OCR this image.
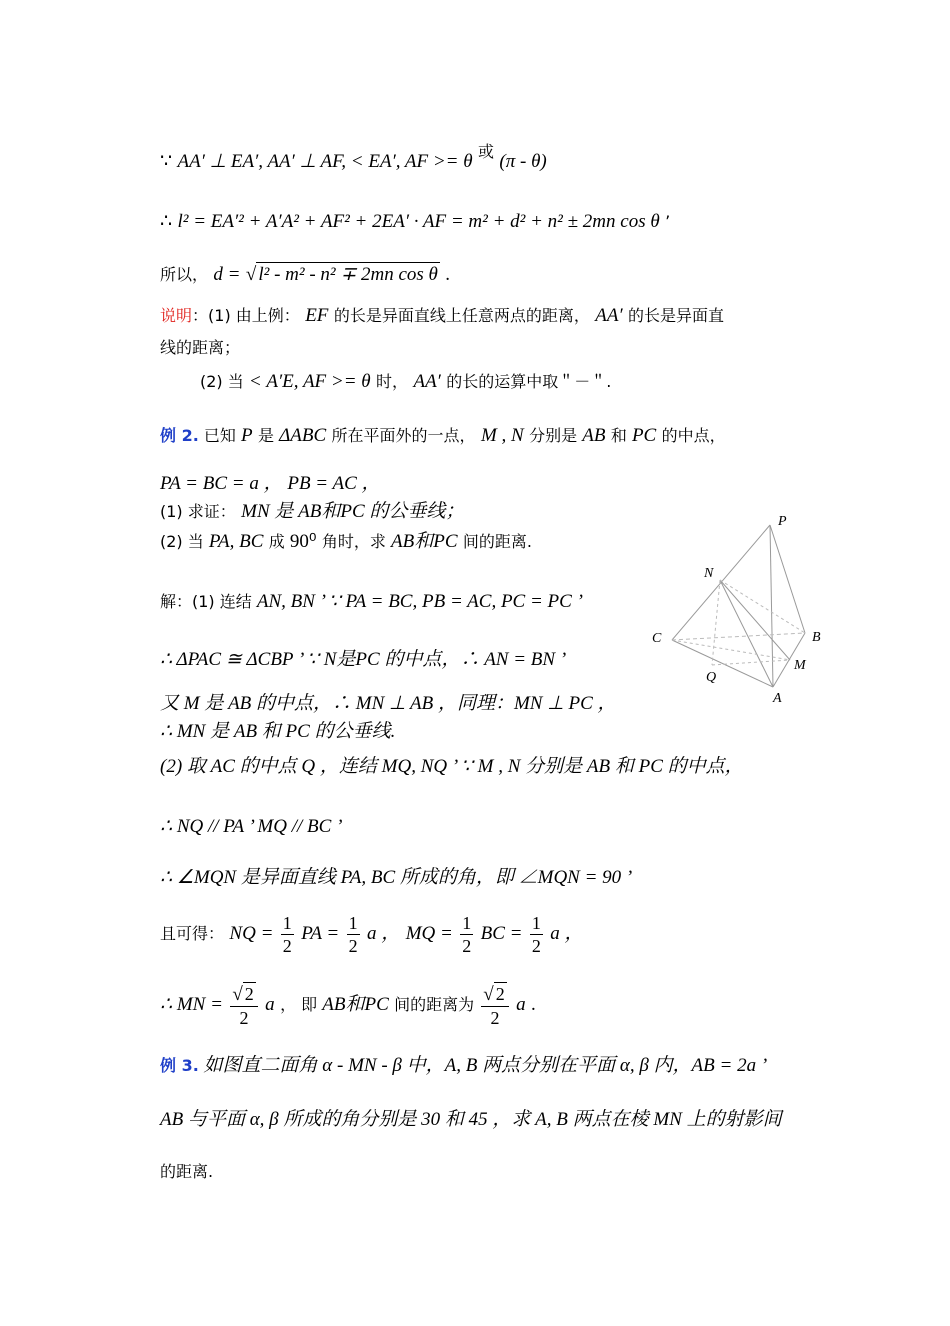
∵ AA′ ⊥ EA′, AA′ ⊥ AF, < EA′, AF >= θ 或 (π - θ)
∴ l² = EA′² + A′A² + AF² + 2EA′ · AF = m² + d² + n² ± 2mn cos θ ’
所以， d = √ l² - m² - n² ∓ 2mn cos θ .
说明：(1) 由上例： EF 的长是异面直线上任意两点的距离， AA′ 的长是异面直
线的距离；
(2) 当 < A′E, AF >= θ 时， AA′ 的长的运算中取＂－＂.
例 2. 已知 P 是 ΔABC 所在平面外的一点， M , N 分别是 AB 和 PC 的中点，
PA = BC = a ， PB = AC ，
(1) 求证： MN 是 AB和PC 的公垂线；
(2) 当 PA, BC 成 90⁰ 角时，求 AB和PC 间的距离.
解：(1) 连结 AN, BN ’ ∵ PA = BC, PB = AC, PC = PC ’
∴ ΔPAC ≅ ΔCBP ’ ∵ N是PC 的中点，∴ AN = BN ’
又 M 是 AB 的中点，∴ MN ⊥ AB ，同理：MN ⊥ PC ，
∴ MN 是 AB 和 PC 的公垂线.
(2) 取 AC 的中点 Q ，连结 MQ, NQ ’ ∵ M , N 分别是 AB 和 PC 的中点，
∴ NQ // PA ’ MQ // BC ’
∴ ∠MQN 是异面直线 PA, BC 所成的角，即 ∠MQN = 90 ’
且可得： NQ = $\frac{1}{2}$ PA = $\frac{1}{2}$ a ， MQ = $\frac{1}{2}$ BC = $\frac{1}{2}$ a ，
∴ MN = $\frac{√ 2}{2}$ a ， 即 AB和PC 间的距离为 $\frac{√ 2}{2}$ a .
例 3. 如图直二面角 α - MN - β 中，A, B 两点分别在平面 α, β 内，AB = 2a ’
AB 与平面 α, β 所成的角分别是 30 和 45 ，求 A, B 两点在棱 MN 上的射影间
的距离.
P
N
C	B
M
Q
A
